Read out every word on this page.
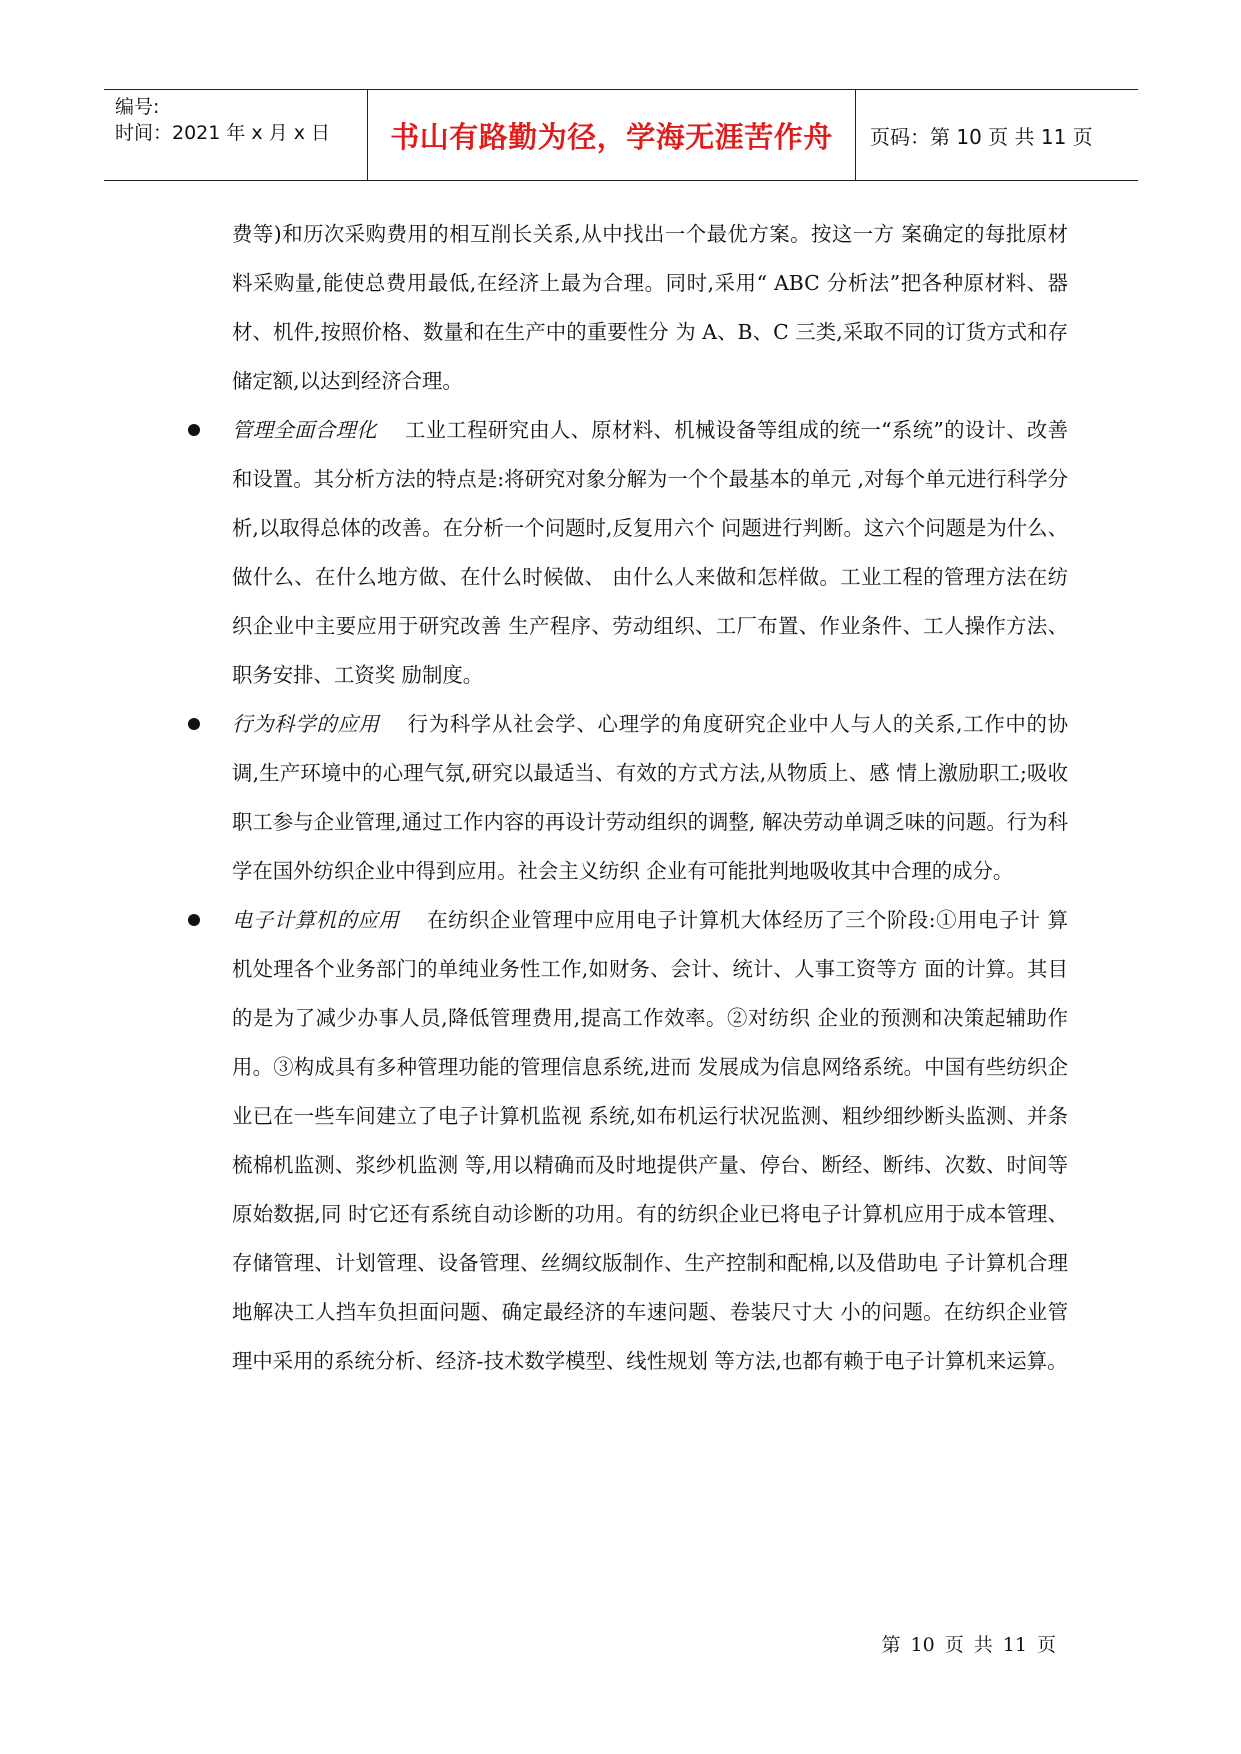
编号:
时间：2021 年 x 月 x 日	书山有路勤为径，学海无涯苦作舟	页码：第 10 页 共 11 页

费等)和历次采购费用的相互削长关系,从中找出一个最优方案。按这一方 案确定的每批原材料采购量,能使总费用最低,在经济上最为合理。同时,采用“ ABC 分析法”把各种原材料、器材、机件,按照价格、数量和在生产中的重要性分 为 A、B、C 三类,采取不同的订货方式和存储定额,以达到经济合理。

管理全面合理化 工业工程研究由人、原材料、机械设备等组成的统一“系统”的设计、改善和设置。其分析方法的特点是:将研究对象分解为一个个最基本的单元 ,对每个单元进行科学分析,以取得总体的改善。在分析一个问题时,反复用六个 问题进行判断。这六个问题是为什么、做什么、在什么地方做、在什么时候做、 由什么人来做和怎样做。工业工程的管理方法在纺织企业中主要应用于研究改善 生产程序、劳动组织、工厂布置、作业条件、工人操作方法、职务安排、工资奖 励制度。

行为科学的应用 行为科学从社会学、心理学的角度研究企业中人与人的关系,工作中的协调,生产环境中的心理气氛,研究以最适当、有效的方式方法,从物质上、感 情上激励职工;吸收职工参与企业管理,通过工作内容的再设计劳动组织的调整, 解决劳动单调乏味的问题。行为科学在国外纺织企业中得到应用。社会主义纺织 企业有可能批判地吸收其中合理的成分。

电子计算机的应用 在纺织企业管理中应用电子计算机大体经历了三个阶段:①用电子计 算机处理各个业务部门的单纯业务性工作,如财务、会计、统计、人事工资等方 面的计算。其目的是为了减少办事人员,降低管理费用,提高工作效率。②对纺织 企业的预测和决策起辅助作用。③构成具有多种管理功能的管理信息系统,进而 发展成为信息网络系统。中国有些纺织企业已在一些车间建立了电子计算机监视 系统,如布机运行状况监测、粗纱细纱断头监测、并条梳棉机监测、浆纱机监测 等,用以精确而及时地提供产量、停台、断经、断纬、次数、时间等原始数据,同 时它还有系统自动诊断的功用。有的纺织企业已将电子计算机应用于成本管理、 存储管理、计划管理、设备管理、丝绸纹版制作、生产控制和配棉,以及借助电 子计算机合理地解决工人挡车负担面问题、确定最经济的车速问题、卷装尺寸大 小的问题。在纺织企业管理中采用的系统分析、经济-技术数学模型、线性规划 等方法,也都有赖于电子计算机来运算。

第 10 页 共 11 页
